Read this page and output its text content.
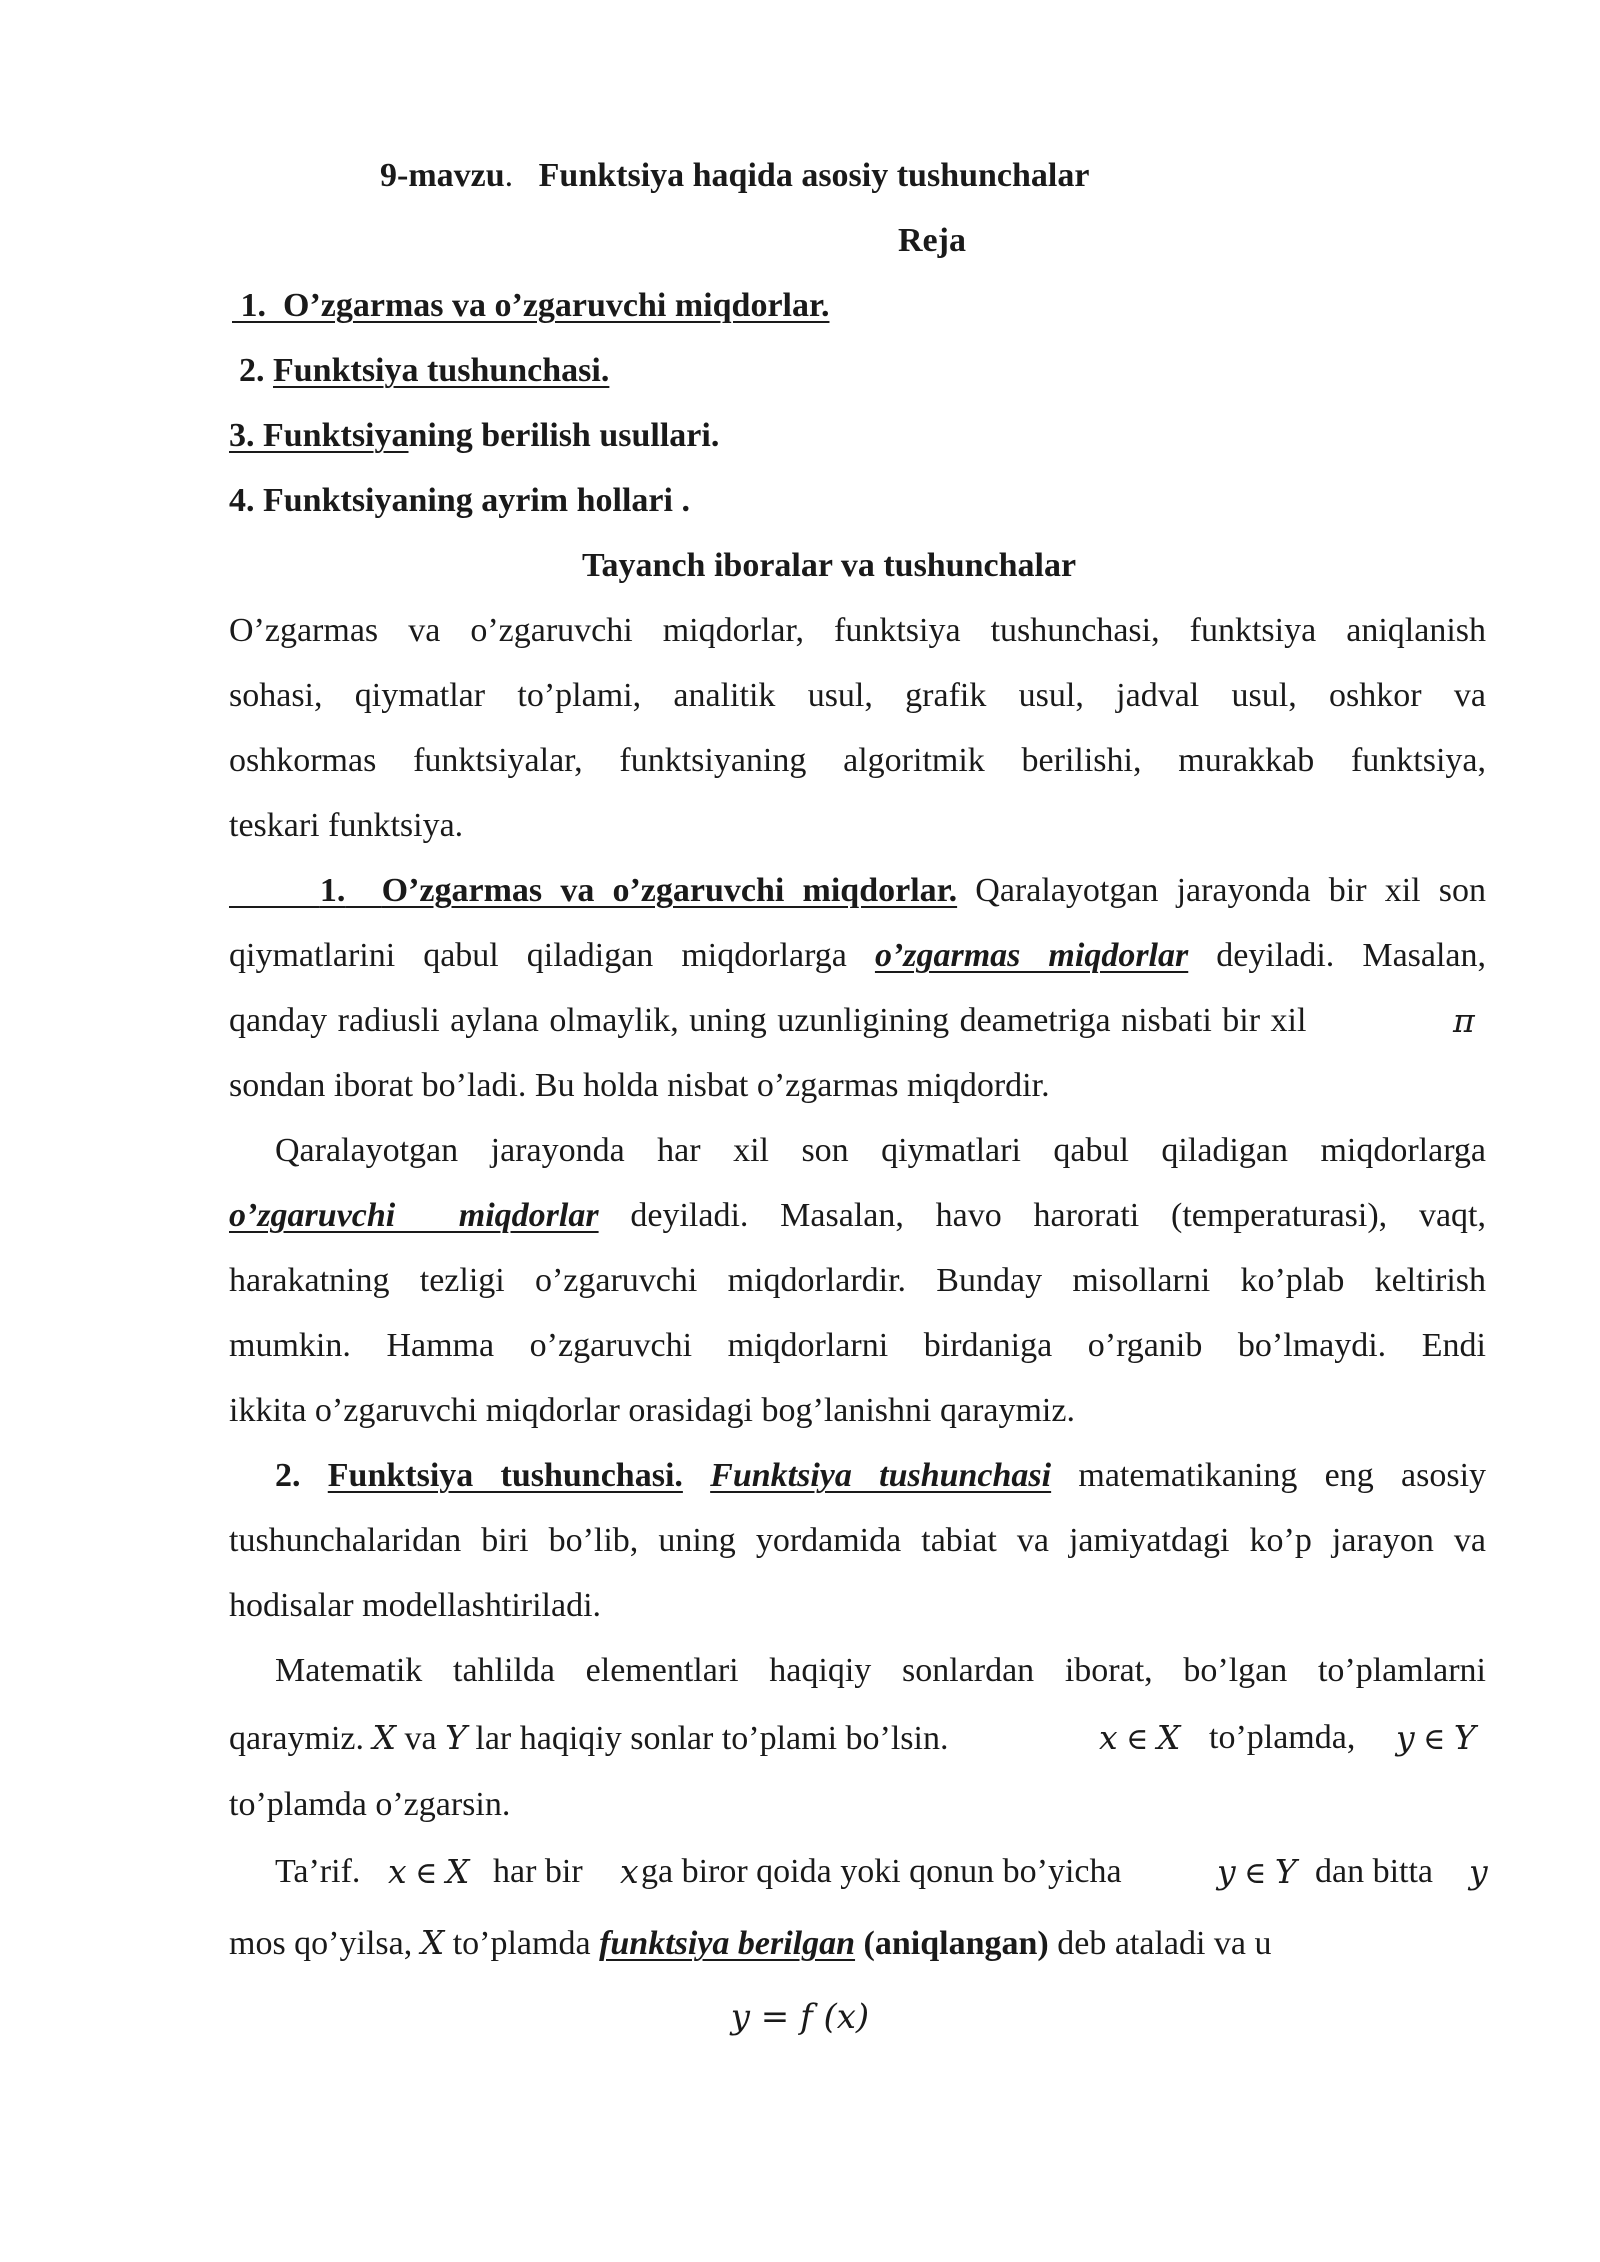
9-mavzu. Funktsiya haqida asosiy tushunchalar
Reja
1. O’zgarmas va o’zgaruvchi miqdorlar.
2. Funktsiya tushunchasi.
3. Funktsiyaning berilish usullari.
4. Funktsiyaning ayrim hollari .
Tayanch iboralar va tushunchalar
O’zgarmas va o’zgaruvchi miqdorlar, funktsiya tushunchasi, funktsiya aniqlanish
sohasi, qiymatlar to’plami, analitik usul, grafik usul, jadval usul, oshkor va
oshkormas funktsiyalar, funktsiyaning algoritmik berilishi, murakkab funktsiya,
teskari funktsiya.
1. O’zgarmas va o’zgaruvchi miqdorlar. Qaralayotgan jarayonda bir xil son
qiymatlarini qabul qiladigan miqdorlarga o’zgarmas miqdorlar deyiladi. Masalan,
qanday radiusli aylana olmaylik, uning uzunligining deametriga nisbati bir xil	π
sondan iborat bo’ladi. Bu holda nisbat o’zgarmas miqdordir.
Qaralayotgan jarayonda har xil son qiymatlari qabul qiladigan miqdorlarga
o’zgaruvchi  miqdorlar deyiladi. Masalan, havo harorati (temperaturasi), vaqt,
harakatning tezligi o’zgaruvchi miqdorlardir. Bunday misollarni ko’plab keltirish
mumkin. Hamma o’zgaruvchi miqdorlarni birdaniga o’rganib bo’lmaydi. Endi
ikkita o’zgaruvchi miqdorlar orasidagi bog’lanishni qaraymiz.
2. Funktsiya tushunchasi. Funktsiya tushunchasi matematikaning eng asosiy
tushunchalaridan biri bo’lib, uning yordamida tabiat va jamiyatdagi ko’p jarayon va
hodisalar modellashtiriladi.
Matematik tahlilda elementlari haqiqiy sonlardan iborat, bo’lgan to’plamlarni
qaraymiz. X va Y lar haqiqiy sonlar to’plami bo’lsin.	x ∈ X to’plamda, y ∈ Y
to’plamda o’zgarsin.
Ta’rif. x ∈ X har bir x ga biror qoida yoki qonun bo’yicha	y ∈ Y dan bitta y
mos qo’yilsa, X to’plamda funktsiya berilgan (aniqlangan) deb ataladi va u
y = f (x)
